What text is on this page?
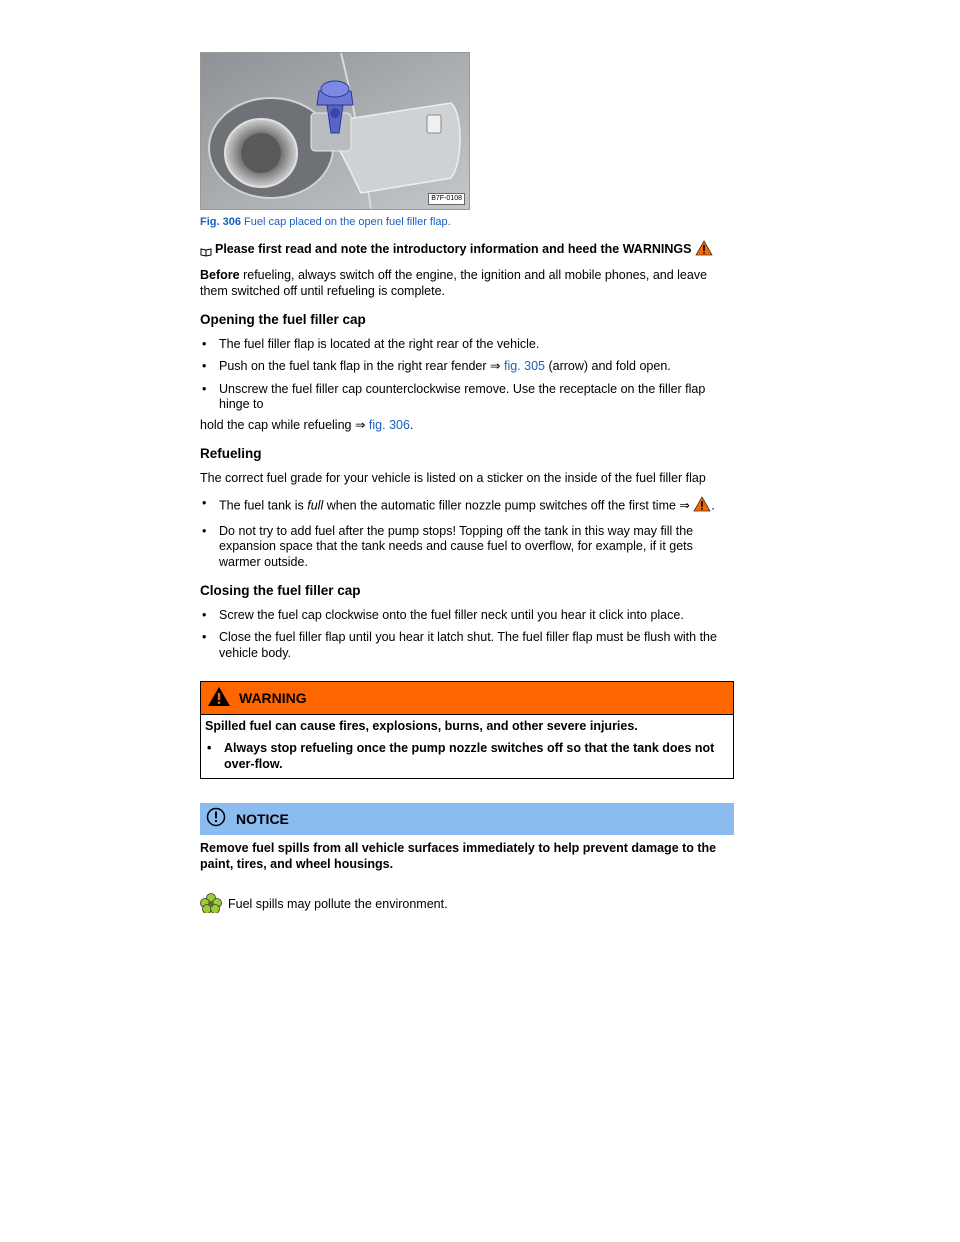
B7F-0108
Fig. 306 Fuel cap placed on the open fuel filler flap.
Please first read and note the introductory information and heed the WARNINGS

Before refueling, always switch off the engine, the ignition and all mobile phones, and leave them switched off until refueling is complete.

Opening the fuel filler cap
•	The fuel filler flap is located at the right rear of the vehicle.
•	Push on the fuel tank flap in the right rear fender ⇒ fig. 305 (arrow) and fold open.
•	Unscrew the fuel filler cap counterclockwise remove. Use the receptacle on the filler flap hinge to

hold the cap while refueling ⇒ fig. 306.

Refueling

The correct fuel grade for your vehicle is listed on a sticker on the inside of the fuel filler flap

•	The fuel tank is full when the automatic filler nozzle pump switches off the first time ⇒ .
•	Do not try to add fuel after the pump stops! Topping off the tank in this way may fill the expansion space that the tank needs and cause fuel to overflow, for example, if it gets warmer outside.
Closing the fuel filler cap
•	Screw the fuel cap clockwise onto the fuel filler neck until you hear it click into place.
•	Close the fuel filler flap until you hear it latch shut. The fuel filler flap must be flush with the vehicle body.
WARNING

Spilled fuel can cause fires, explosions, burns, and other severe injuries.

•	Always stop refueling once the pump nozzle switches off so that the tank does not over-flow.
NOTICE
Remove fuel spills from all vehicle surfaces immediately to help prevent damage to the paint, tires, and wheel housings.
Fuel spills may pollute the environment.
